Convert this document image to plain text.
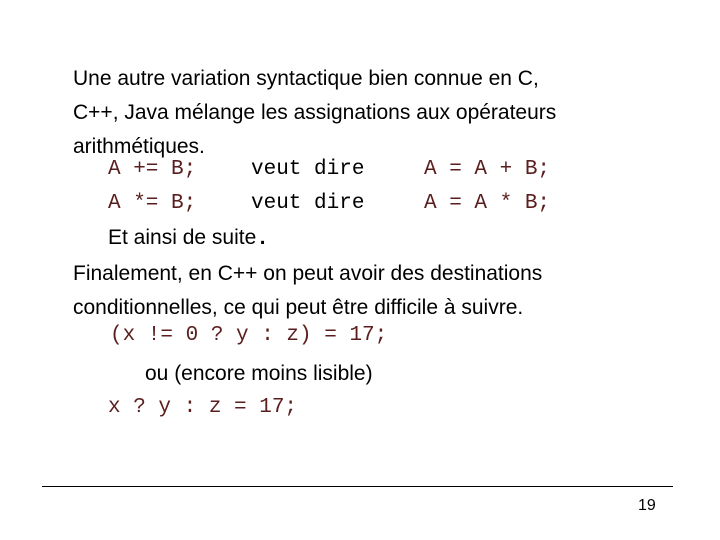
Une autre variation syntactique bien connue en C,
C++, Java mélange les assignations aux opérateurs
arithmétiques.
A += B;	veut dire	A = A + B;
A *= B;	veut dire	A = A * B;
Et ainsi de suite.
Finalement, en C++ on peut avoir des destinations
conditionnelles, ce qui peut être difficile à suivre.
(x != 0 ? y : z) = 17;
ou (encore moins lisible)
x ? y : z = 17;
19
